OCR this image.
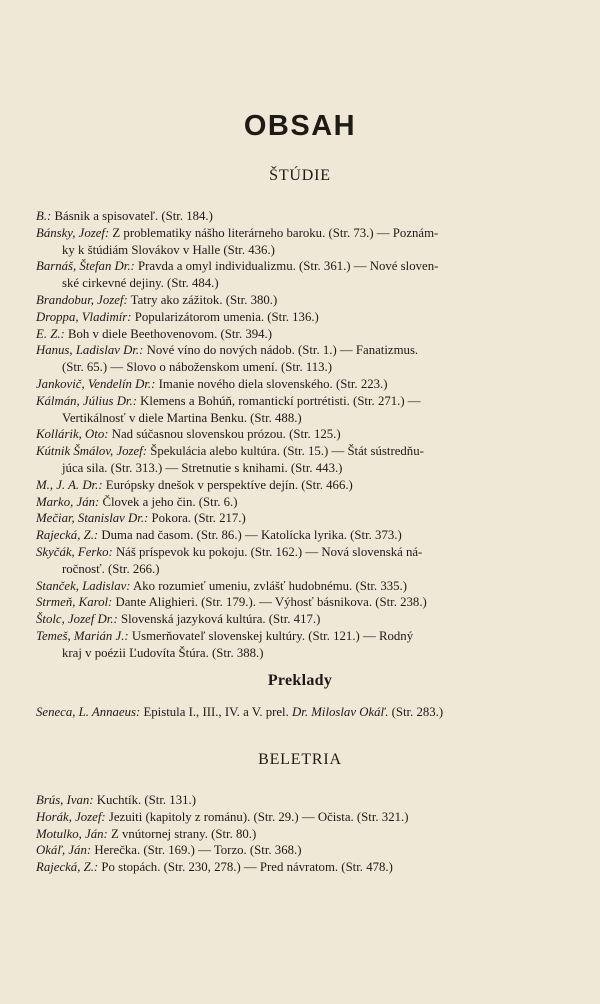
OBSAH
ŠTÚDIE
B.: Básnik a spisovateľ. (Str. 184.)
Bánsky, Jozef: Z problematiky nášho literárneho baroku. (Str. 73.) — Poznám-
ky k štúdiám Slovákov v Halle (Str. 436.)
Barnáš, Štefan Dr.: Pravda a omyl individualizmu. (Str. 361.) — Nové sloven-
ské cirkevné dejiny. (Str. 484.)
Brandobur, Jozef: Tatry ako zážitok. (Str. 380.)
Droppa, Vladimír: Popularizátorom umenia. (Str. 136.)
E. Z.: Boh v diele Beethovenovom. (Str. 394.)
Hanus, Ladislav Dr.: Nové víno do nových nádob. (Str. 1.) — Fanatizmus.
(Str. 65.) — Slovo o náboženskom umení. (Str. 113.)
Jankovič, Vendelín Dr.: Imanie nového diela slovenského. (Str. 223.)
Kálmán, Július Dr.: Klemens a Bohúň, romantickí portrétisti. (Str. 271.) —
Vertikálnosť v diele Martina Benku. (Str. 488.)
Kollárik, Oto: Nad súčasnou slovenskou prózou. (Str. 125.)
Kútnik Šmálov, Jozef: Špekulácia alebo kultúra. (Str. 15.) — Štát sústredňu-
júca sila. (Str. 313.) — Stretnutie s knihami. (Str. 443.)
M., J. A. Dr.: Európsky dnešok v perspektíve dejín. (Str. 466.)
Marko, Ján: Človek a jeho čin. (Str. 6.)
Mečiar, Stanislav Dr.: Pokora. (Str. 217.)
Rajecká, Z.: Duma nad časom. (Str. 86.) — Katolícka lyrika. (Str. 373.)
Skyčák, Ferko: Náš príspevok ku pokoju. (Str. 162.) — Nová slovenská ná-
ročnosť. (Str. 266.)
Stanček, Ladislav: Ako rozumieť umeniu, zvlášť hudobnému. (Str. 335.)
Strmeň, Karol: Dante Alighieri. (Str. 179.). — Výhosť básnikova. (Str. 238.)
Štolc, Jozef Dr.: Slovenská jazyková kultúra. (Str. 417.)
Temeš, Marián J.: Usmerňovateľ slovenskej kultúry. (Str. 121.) — Rodný
kraj v poézii Ľudovíta Štúra. (Str. 388.)
Preklady
Seneca, L. Annaeus: Epistula I., III., IV. a V. prel. Dr. Miloslav Okáľ. (Str. 283.)
BELETRIA
Brús, Ivan: Kuchtík. (Str. 131.)
Horák, Jozef: Jezuiti (kapitoly z románu). (Str. 29.) — Očista. (Str. 321.)
Motulko, Ján: Z vnútornej strany. (Str. 80.)
Okáľ, Ján: Herečka. (Str. 169.) — Torzo. (Str. 368.)
Rajecká, Z.: Po stopách. (Str. 230, 278.) — Pred návratom. (Str. 478.)
